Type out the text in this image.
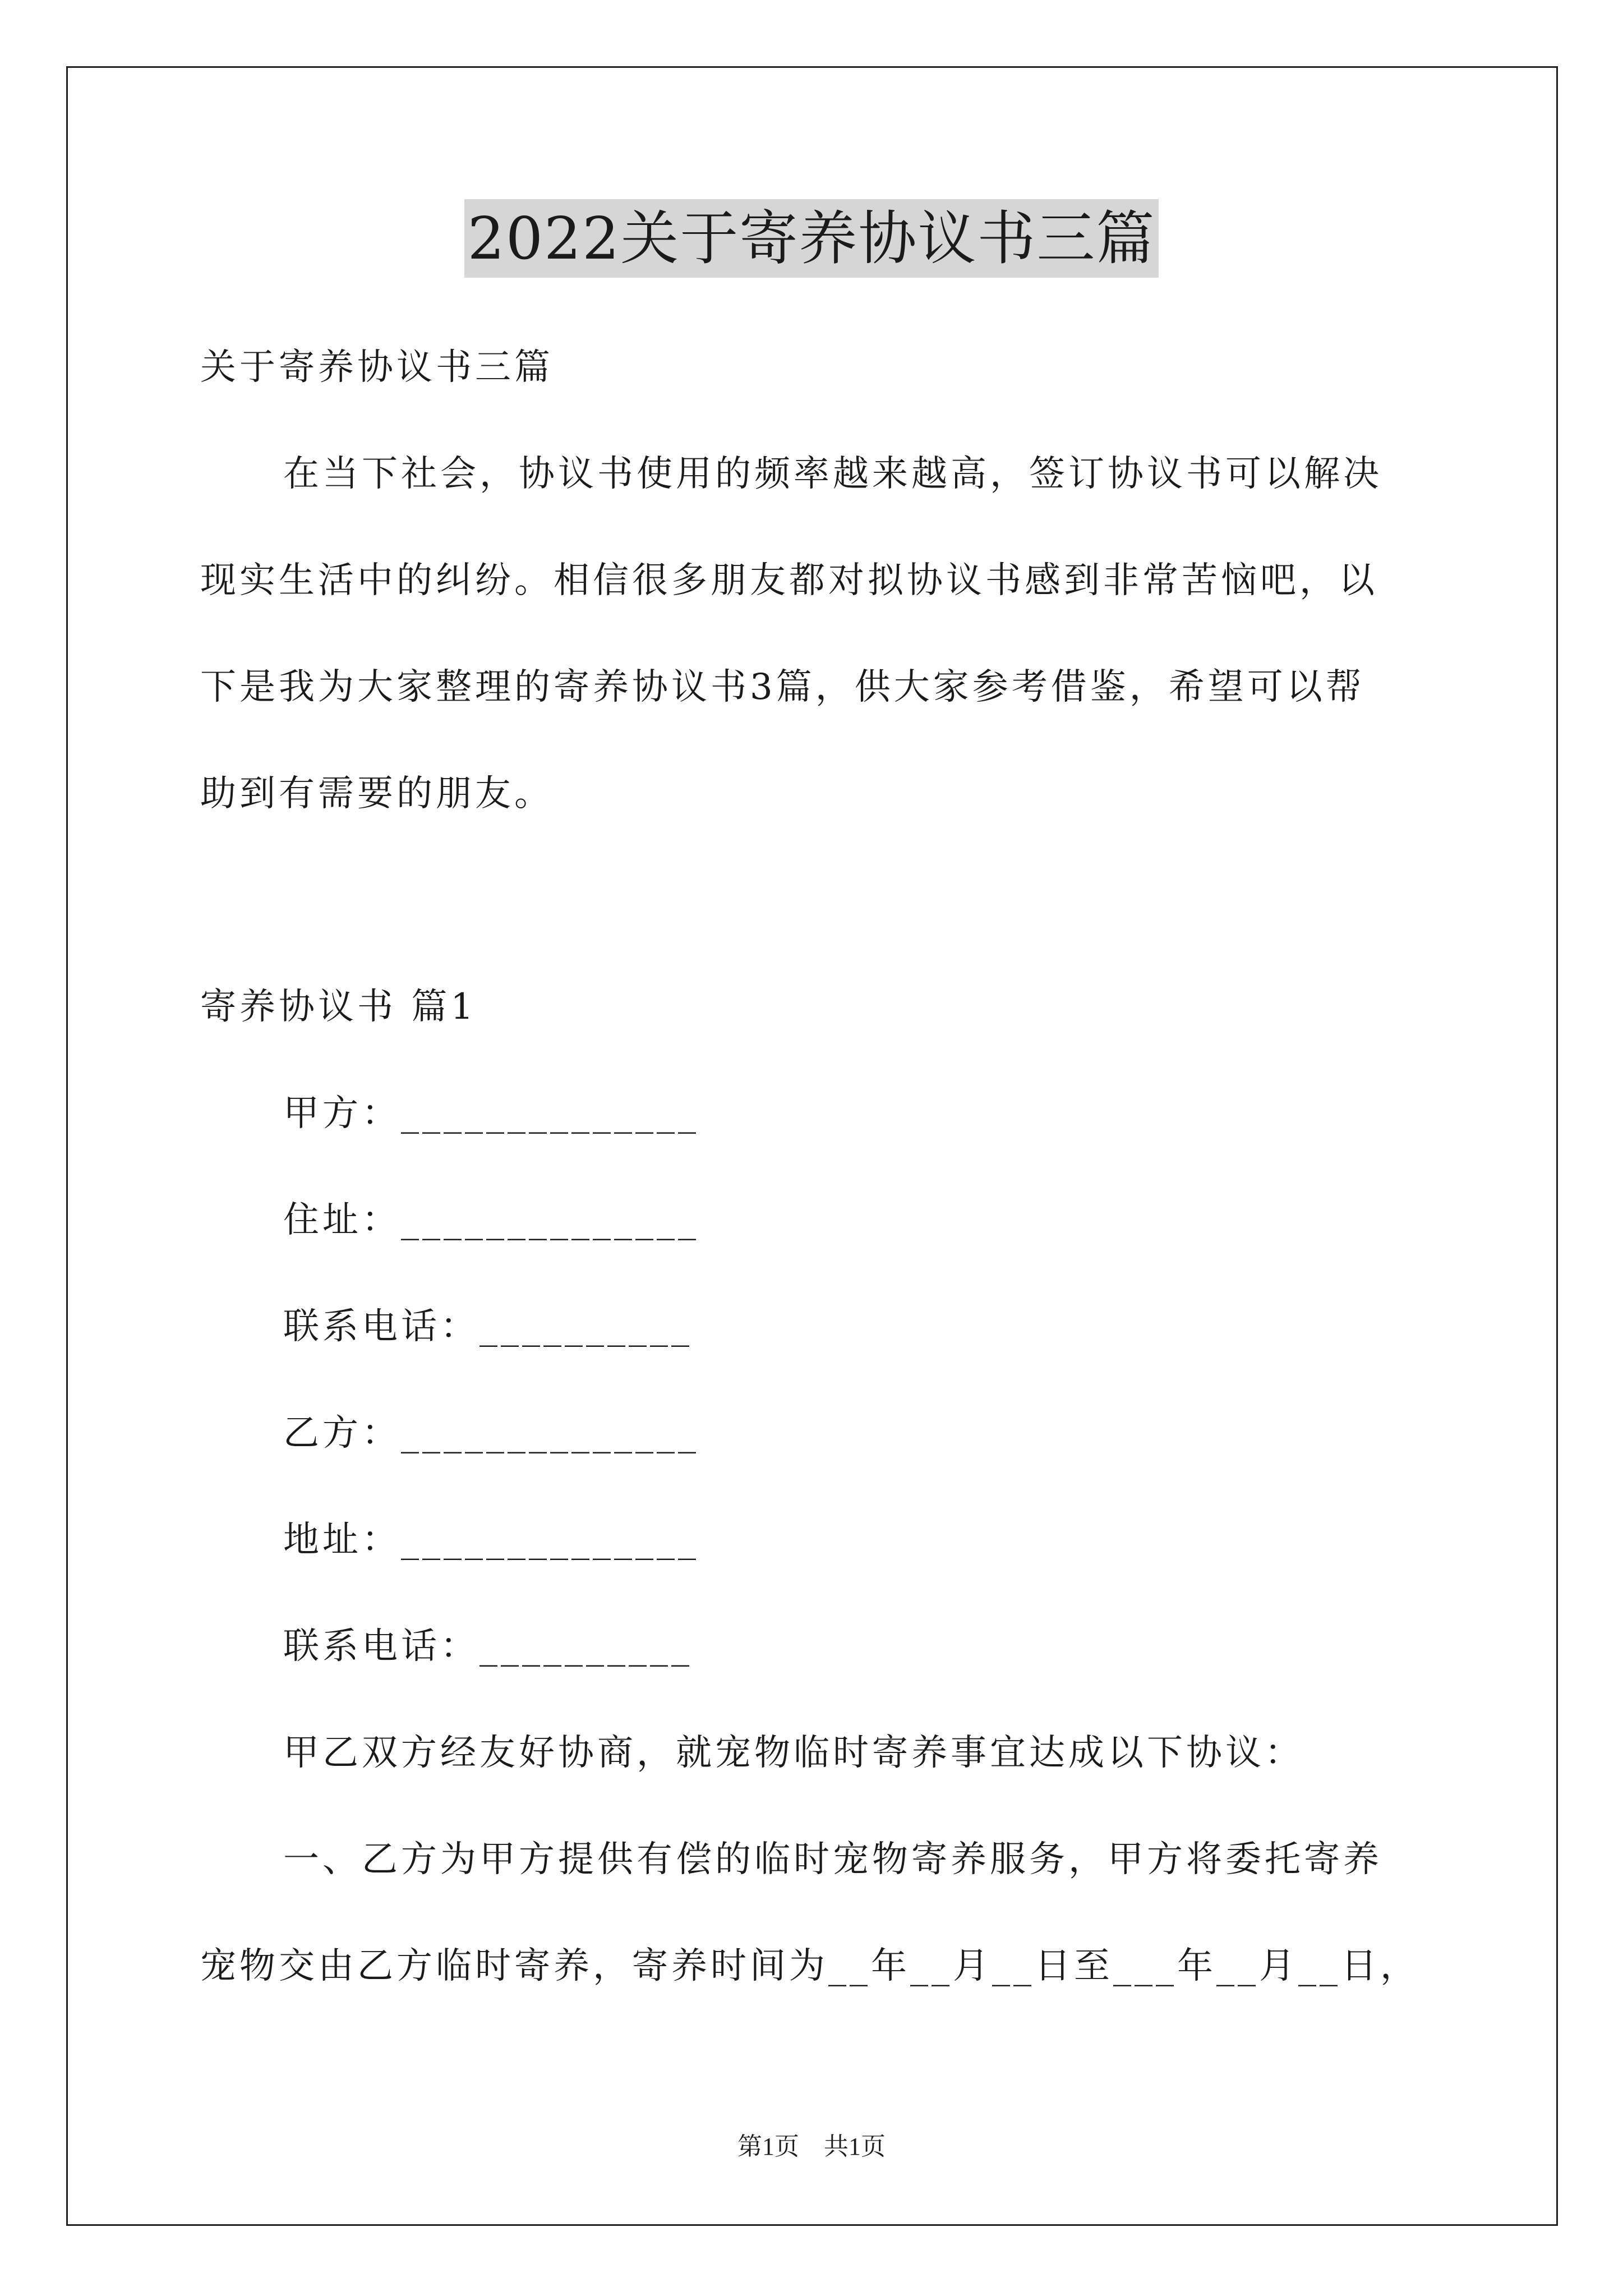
2022关于寄养协议书三篇
关于寄养协议书三篇
在当下社会，协议书使用的频率越来越高，签订协议书可以解决
现实生活中的纠纷。相信很多朋友都对拟协议书感到非常苦恼吧，以
下是我为大家整理的寄养协议书3篇，供大家参考借鉴，希望可以帮
助到有需要的朋友。
寄养协议书 篇1
甲方：______________
住址：______________
联系电话：__________
乙方：______________
地址：______________
联系电话：__________
甲乙双方经友好协商，就宠物临时寄养事宜达成以下协议：
一、乙方为甲方提供有偿的临时宠物寄养服务，甲方将委托寄养
宠物交由乙方临时寄养，寄养时间为__年__月__日至___年__月__日，
第1页　共1页
